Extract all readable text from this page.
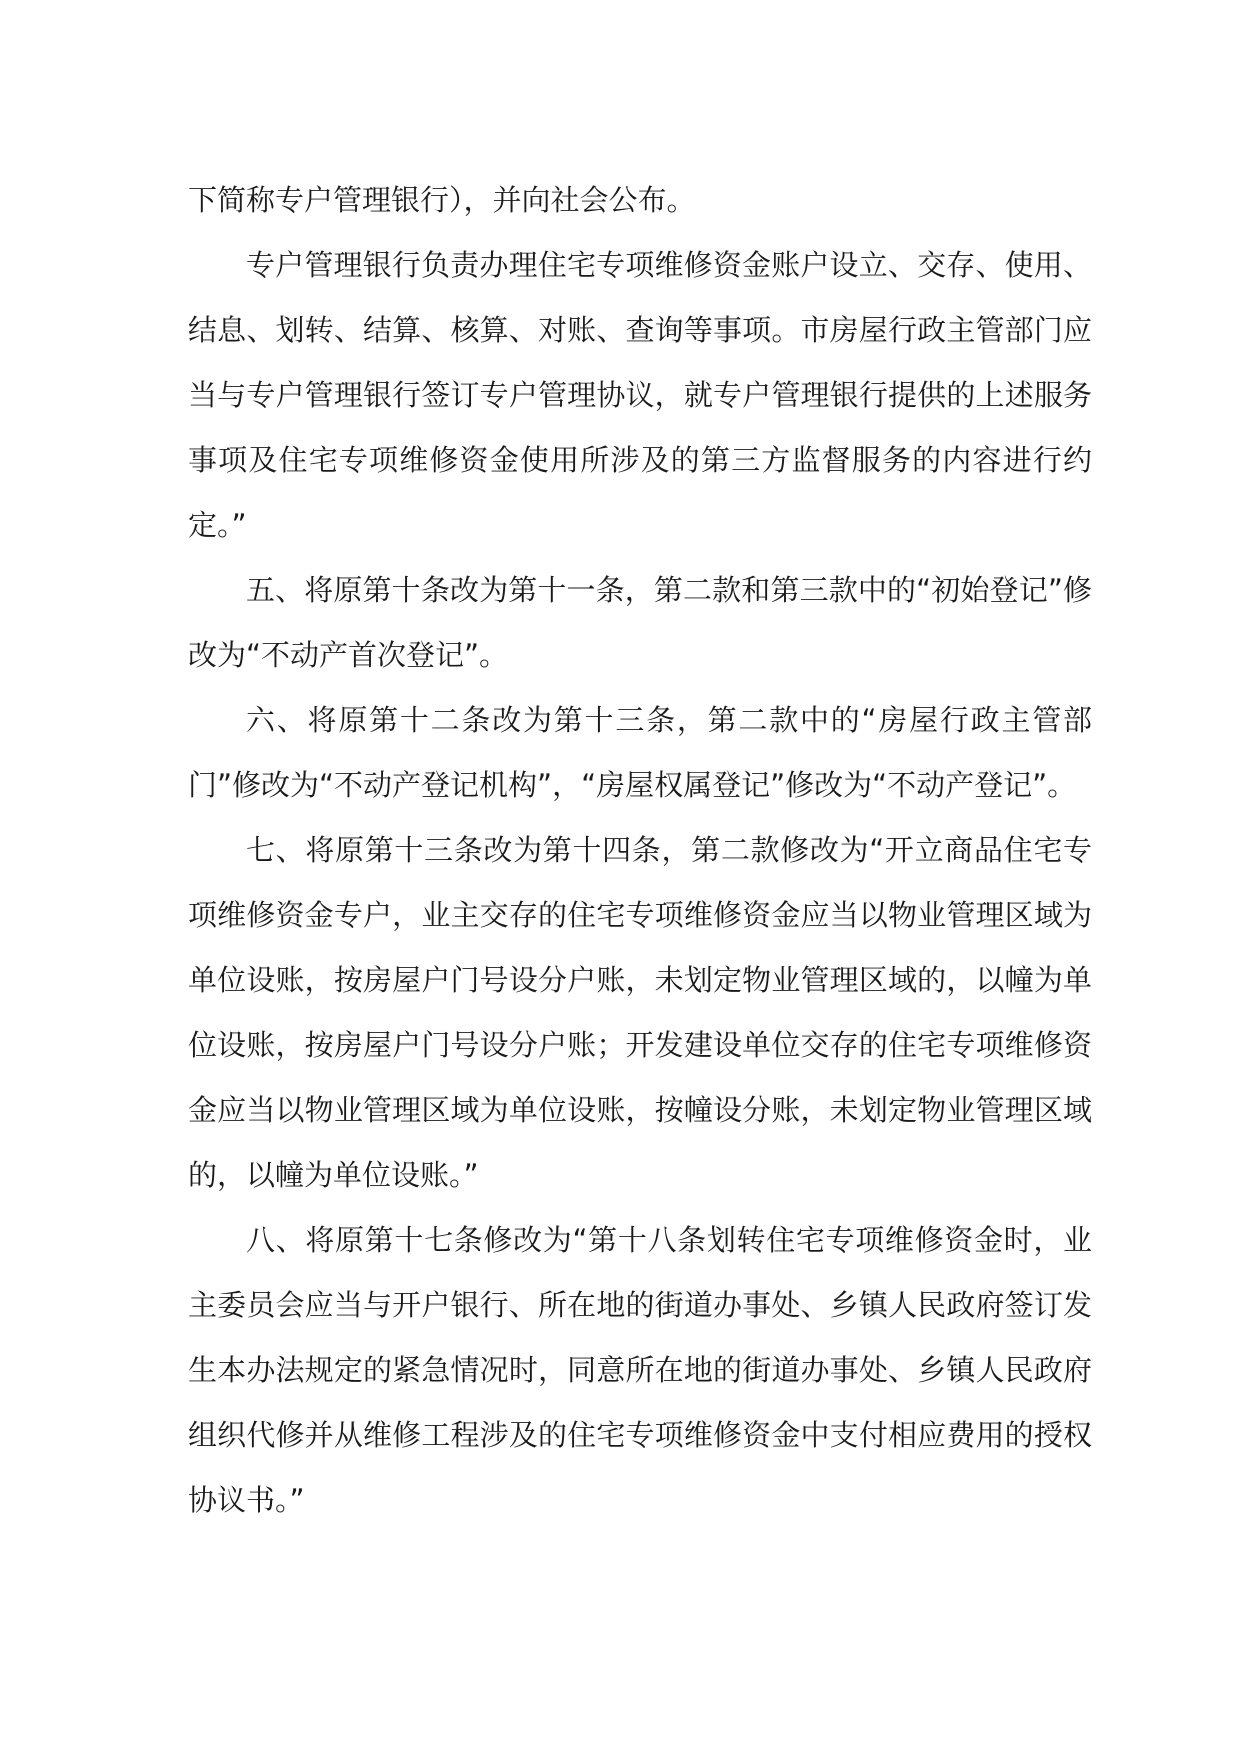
下简称专户管理银行），并向社会公布。

专户管理银行负责办理住宅专项维修资金账户设立、交存、使用、结息、划转、结算、核算、对账、查询等事项。市房屋行政主管部门应当与专户管理银行签订专户管理协议，就专户管理银行提供的上述服务事项及住宅专项维修资金使用所涉及的第三方监督服务的内容进行约定。”

五、将原第十条改为第十一条，第二款和第三款中的“初始登记”修改为“不动产首次登记”。

六、将原第十二条改为第十三条，第二款中的“房屋行政主管部门”修改为“不动产登记机构”，“房屋权属登记”修改为“不动产登记”。

七、将原第十三条改为第十四条，第二款修改为“开立商品住宅专项维修资金专户，业主交存的住宅专项维修资金应当以物业管理区域为单位设账，按房屋户门号设分户账，未划定物业管理区域的，以幢为单位设账，按房屋户门号设分户账；开发建设单位交存的住宅专项维修资金应当以物业管理区域为单位设账，按幢设分账，未划定物业管理区域的，以幢为单位设账。”

八、将原第十七条修改为“第十八条划转住宅专项维修资金时，业主委员会应当与开户银行、所在地的街道办事处、乡镇人民政府签订发生本办法规定的紧急情况时，同意所在地的街道办事处、乡镇人民政府组织代修并从维修工程涉及的住宅专项维修资金中支付相应费用的授权协议书。”
